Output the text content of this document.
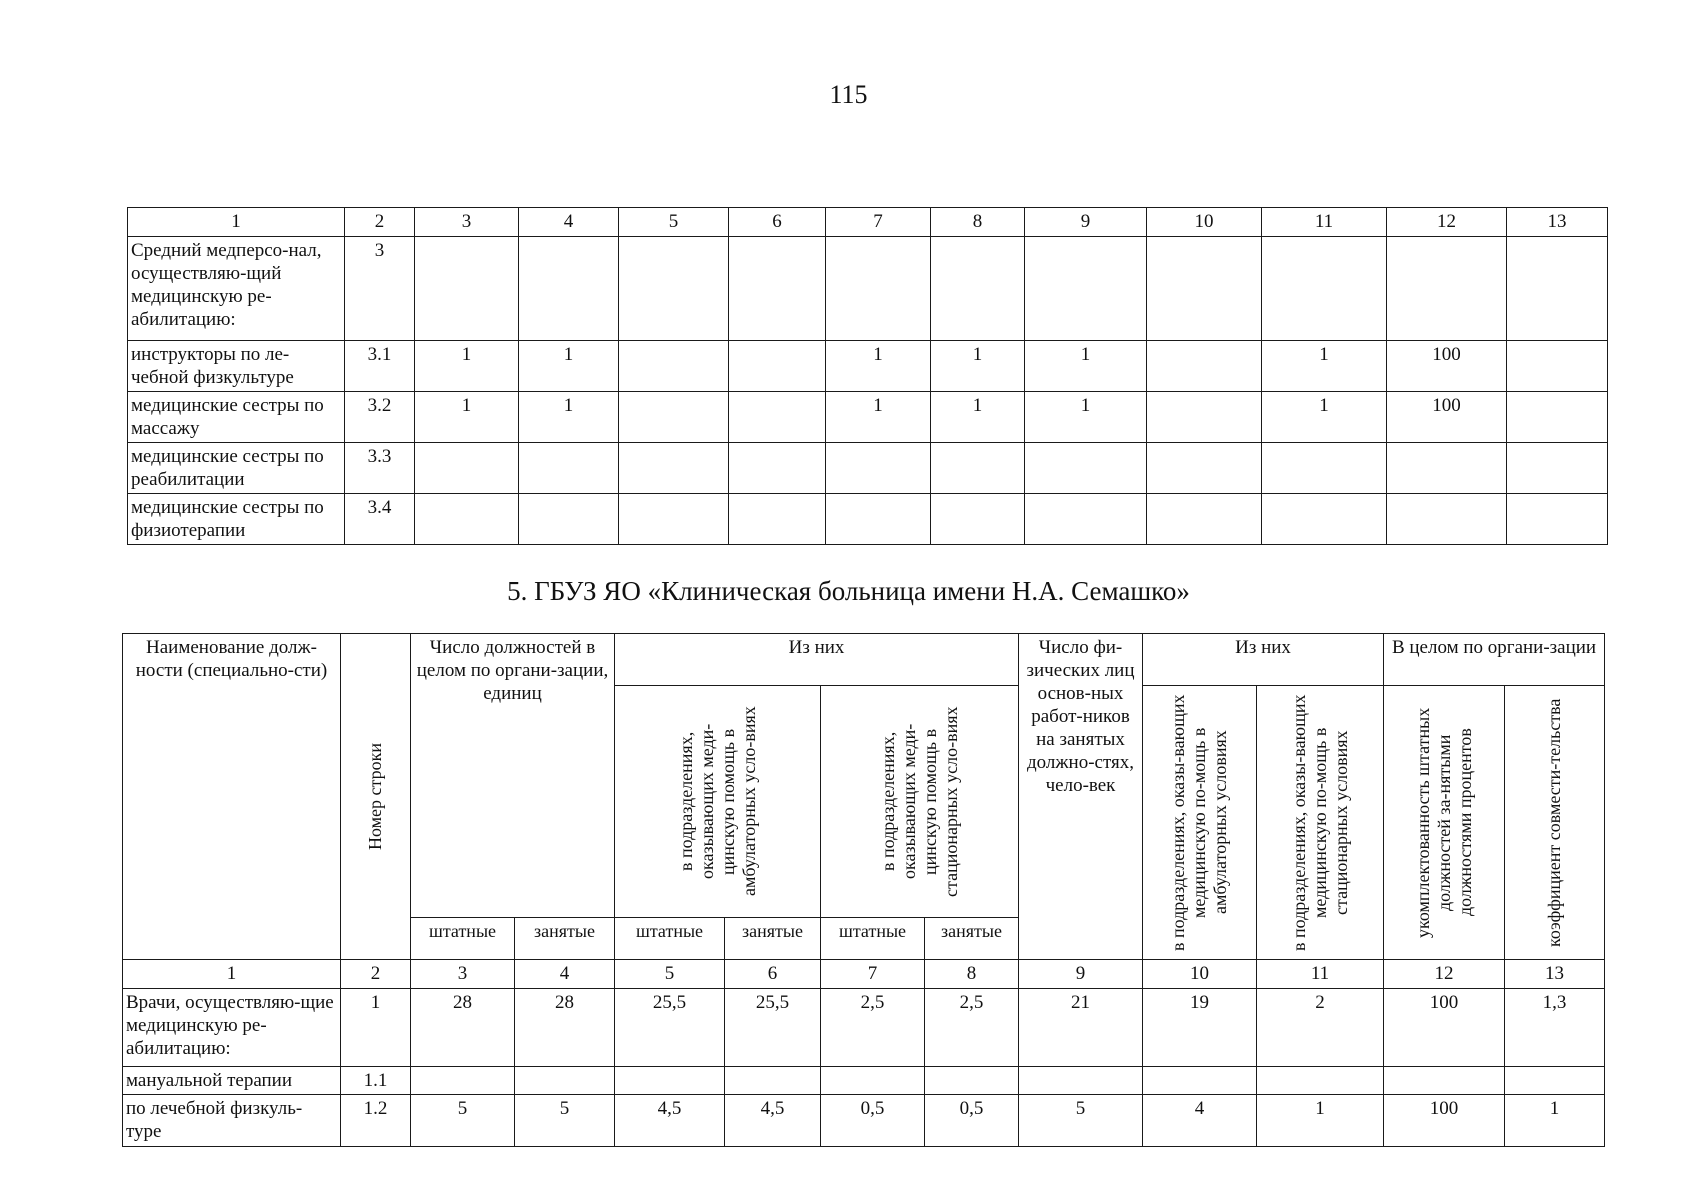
115
1	2	3	4	5	6	7	8	9	10	11	12	13
Средний медперсо-нал, осуществляю-щий медицинскую ре-абилитацию:	3											
инструкторы по ле-чебной физкультуре	3.1	1	1			1	1	1		1	100	
медицинские сестры по массажу	3.2	1	1			1	1	1		1	100	
медицинские сестры по реабилитации	3.3											
медицинские сестры по физиотерапии	3.4											
5. ГБУЗ ЯО «Клиническая больница имени Н.А. Семашко»
Наименование долж-ности (специально-сти)	Номер строки	Число должностей в целом по органи-зации, единиц		Из них				Число фи-зических лиц основ-ных работ-ников на занятых должно-стях, чело-век	Из них		В целом по органи-зации	

				в подразделениях, оказывающих меди-цинскую помощь в амбулаторных усло-виях		в подразделениях, оказывающих меди-цинскую помощь в стационарных усло-виях			в подразделениях, оказы-вающих медицинскую по-мощь в амбулаторных условиях	в подразделениях, оказы-вающих медицинскую по-мощь в стационарных условиях	укомплектованность штатных должностей за-нятыми должностями процентов	коэффициент совмести-тельства

		штатные	занятые	штатные	занятые	штатные	занятые					
1	2	3	4	5	6	7	8	9	10	11	12	13
Врачи, осуществляю-щие медицинскую ре-абилитацию:	1	28	28	25,5	25,5	2,5	2,5	21	19	2	100	1,3
мануальной терапии	1.1											
по лечебной физкуль-туре	1.2	5	5	4,5	4,5	0,5	0,5	5	4	1	100	1
